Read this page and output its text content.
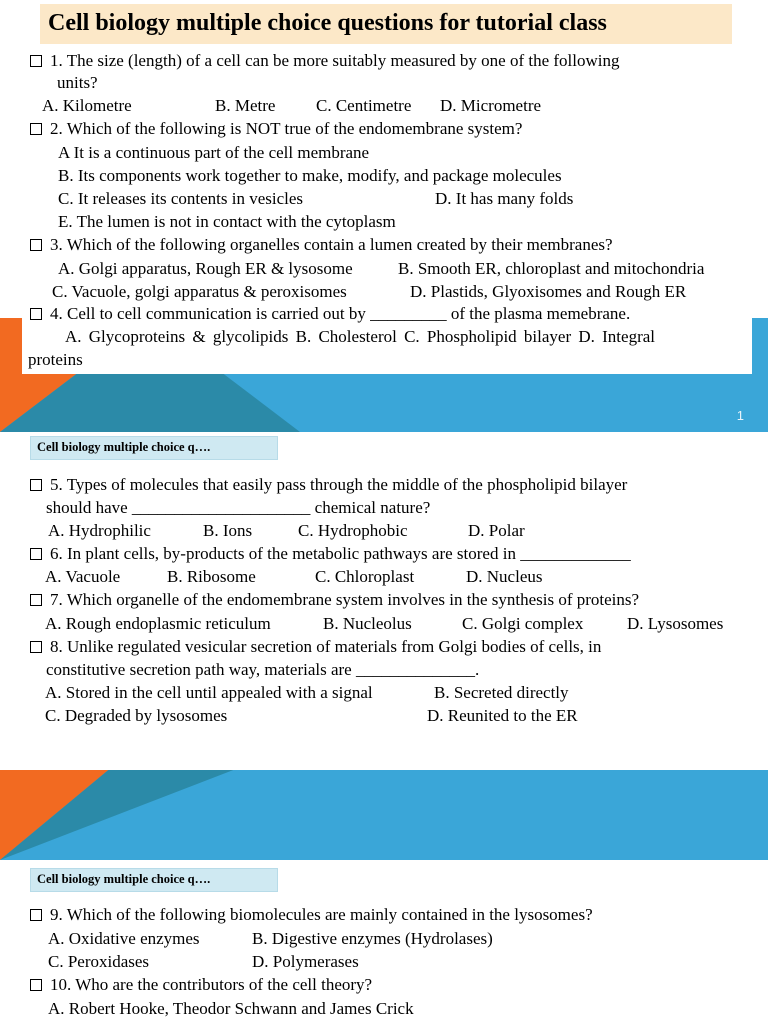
Cell biology multiple choice questions for tutorial class
1. The size (length) of a cell can be more suitably measured by one of the following
units?
A. Kilometre	B. Metre C. Centimetre D. Micrometre
2. Which of the following is NOT true of the endomembrane system?
A It is a continuous part of the cell membrane
B. Its components work together to make, modify, and package molecules
C. It releases its contents in vesicles	D. It has many folds
E. The lumen is not in contact with the cytoplasm
3. Which of the following organelles contain a lumen created by their membranes?
A. Golgi apparatus, Rough ER & lysosome	B. Smooth ER, chloroplast and mitochondria
C. Vacuole, golgi apparatus & peroxisomes	D. Plastids, Glyoxisomes and Rough ER
4. Cell to cell communication is carried out by _________ of the plasma memebrane.
A. Glycoproteins & glycolipids B. Cholesterol C. Phospholipid bilayer D. Integral
proteins
1
Cell biology multiple choice q….
5. Types of molecules that easily pass through the middle of the phospholipid bilayer
should have _____________________ chemical nature?
A. Hydrophilic	B. Ions	C. Hydrophobic	D. Polar
6. In plant cells, by-products of the metabolic pathways are stored in _____________
A. Vacuole	B. Ribosome	C. Chloroplast	D. Nucleus
7. Which organelle of the endomembrane system involves in the synthesis of proteins?
A. Rough endoplasmic reticulum	B. Nucleolus	C. Golgi complex	D. Lysosomes
8. Unlike regulated vesicular secretion of materials from Golgi bodies of cells, in
constitutive secretion path way, materials are ______________.
A. Stored in the cell until appealed with a signal	B. Secreted directly
C. Degraded by lysosomes	D. Reunited to the ER
Cell biology multiple choice q….
9. Which of the following biomolecules are mainly contained in the lysosomes?
A. Oxidative enzymes	B. Digestive enzymes (Hydrolases)
C. Peroxidases	D. Polymerases
10. Who are the contributors of the cell theory?
A. Robert Hooke, Theodor Schwann and James Crick
